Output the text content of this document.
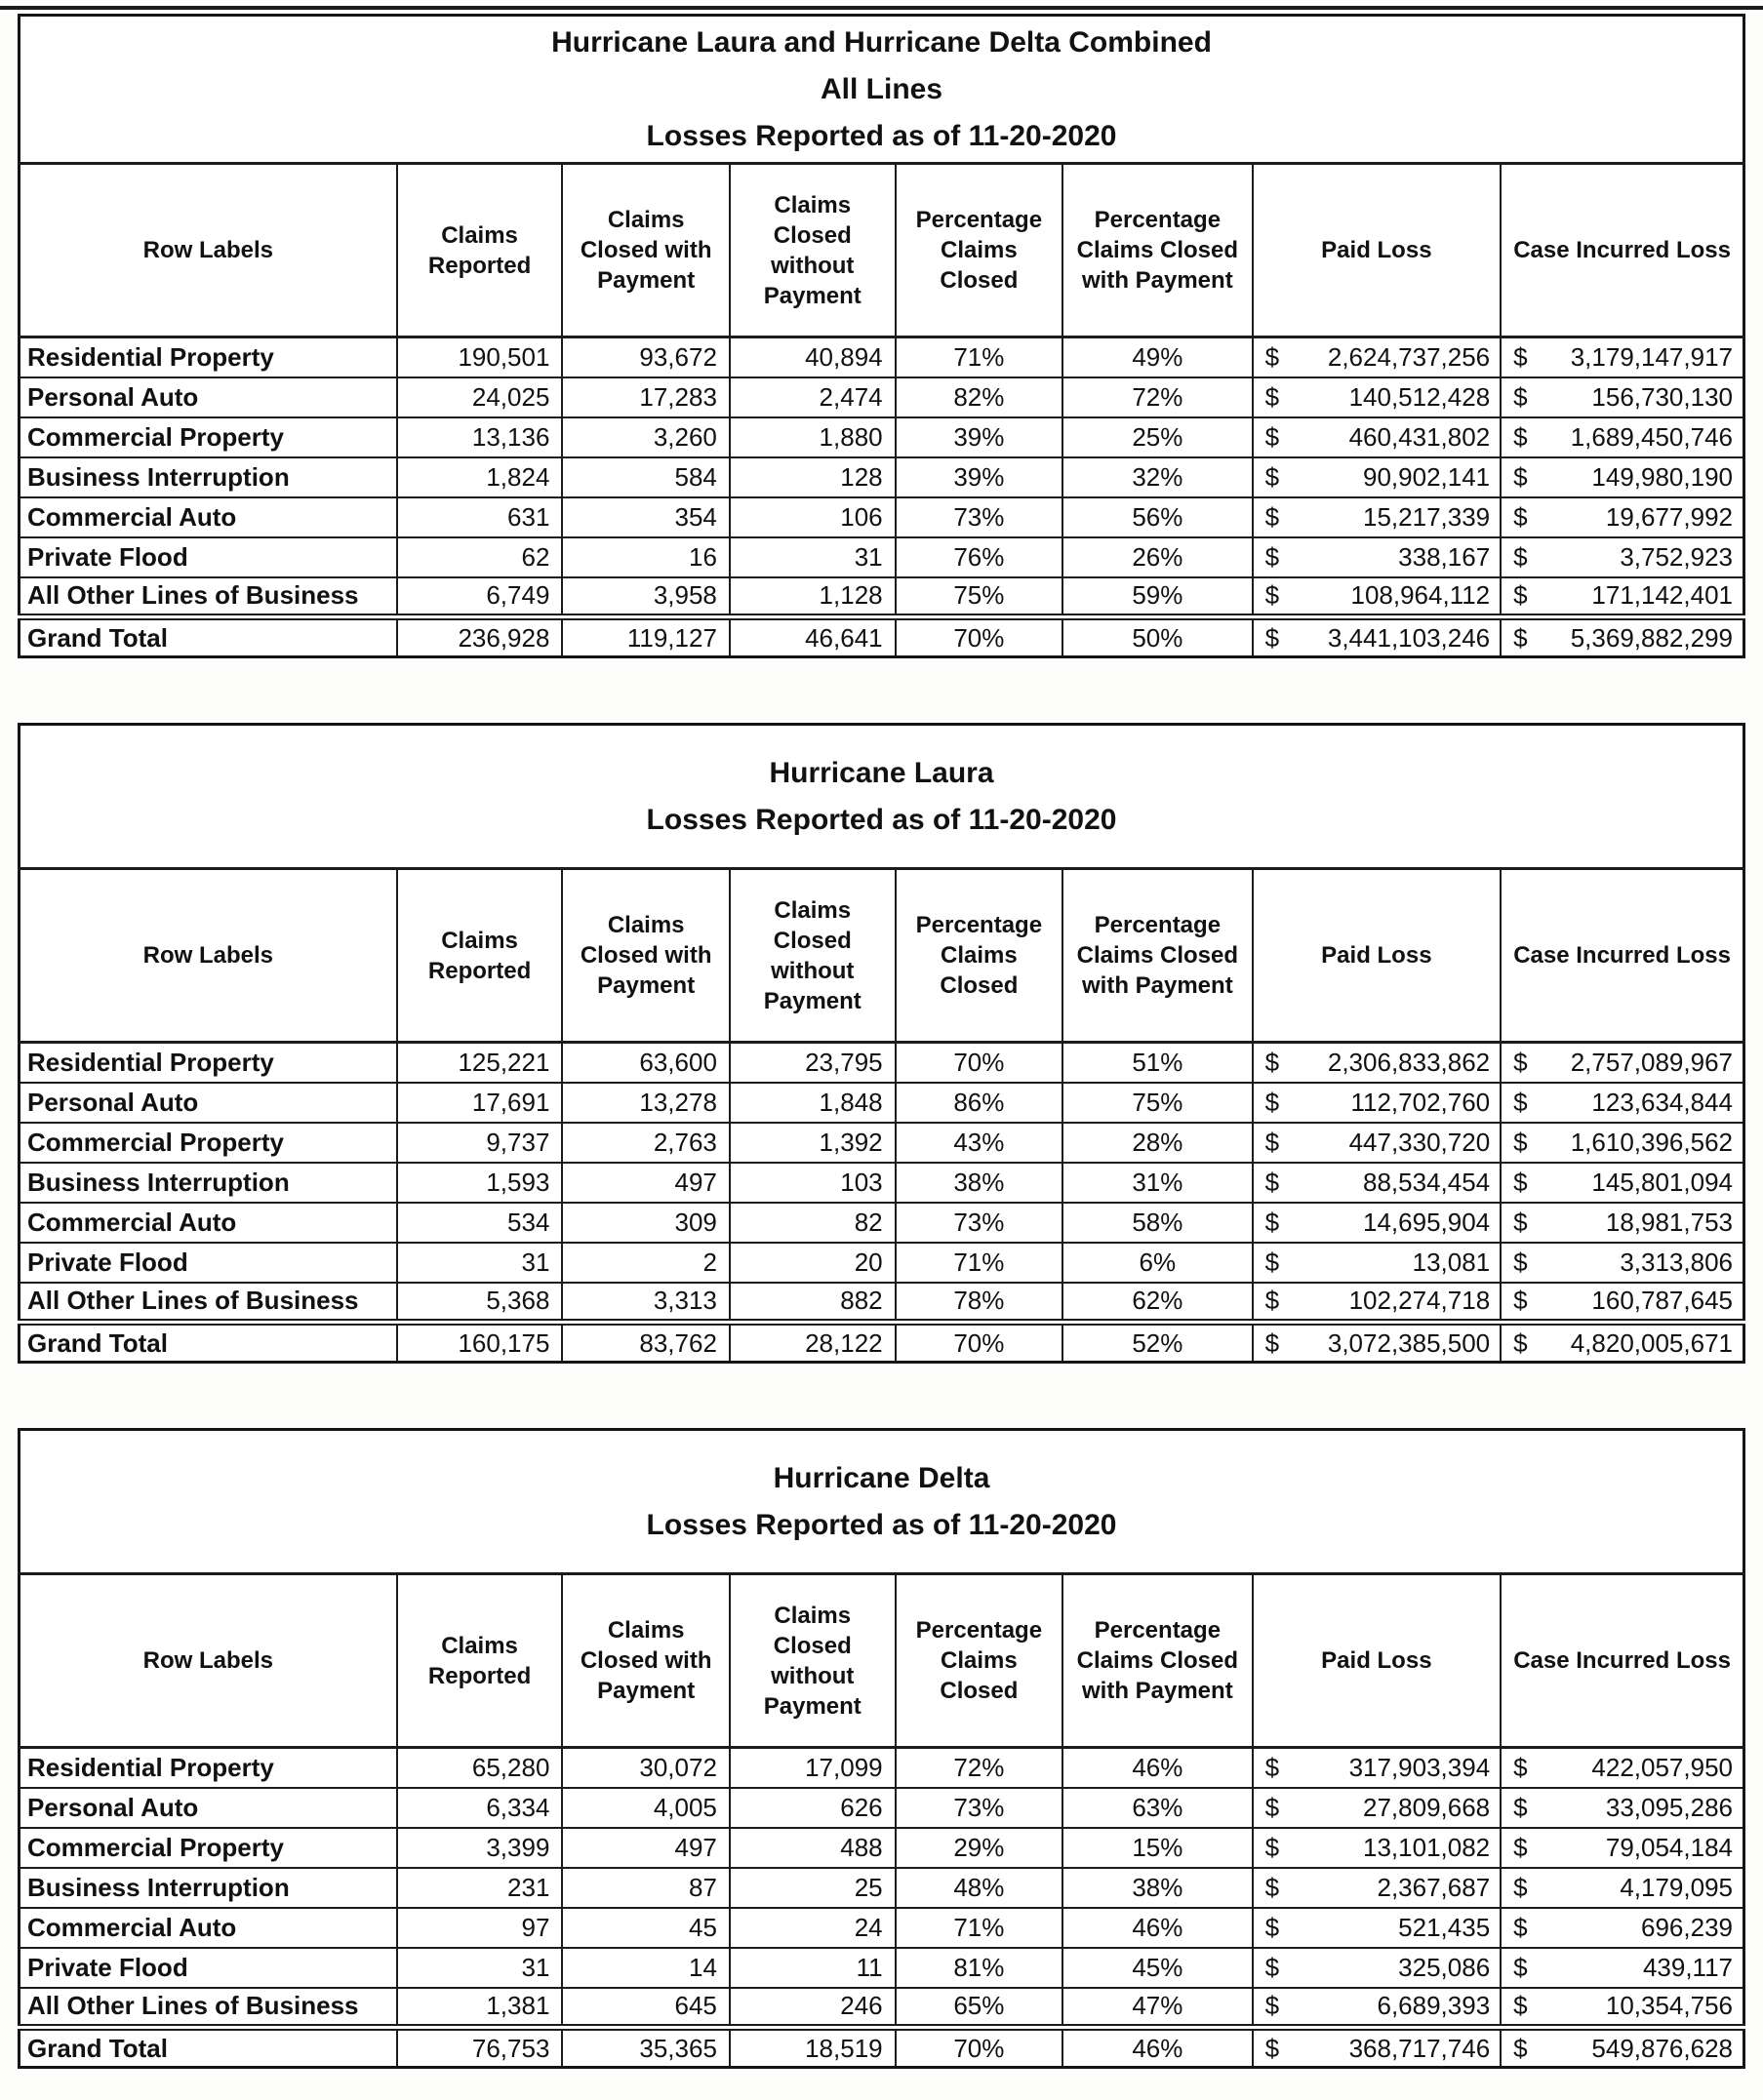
Hurricane Laura and Hurricane Delta Combined
All Lines
Losses Reported as of 11-20-2020							

Row Labels	Claims Reported	Claims Closed with Payment	Claims Closed without Payment	Percentage Claims Closed	Percentage Claims Closed with Payment	Paid Loss	Case Incurred Loss
Residential Property	190,501	93,672	40,894	71%	49%	$ 2,624,737,256	$ 3,179,147,917

Personal Auto	24,025	17,283	2,474	82%	72%	$ 140,512,428	$ 156,730,130

Commercial Property	13,136	3,260	1,880	39%	25%	$ 460,431,802	$ 1,689,450,746

Business Interruption	1,824	584	128	39%	32%	$ 90,902,141	$ 149,980,190

Commercial Auto	631	354	106	73%	56%	$ 15,217,339	$ 19,677,992

Private Flood	62	16	31	76%	26%	$ 338,167	$ 3,752,923

All Other Lines of Business	6,749	3,958	1,128	75%	59%	$ 108,964,112	$ 171,142,401

Grand Total	236,928	119,127	46,641	70%	50%	$ 3,441,103,246	$ 5,369,882,299
Hurricane Laura
Losses Reported as of 11-20-2020							

Row Labels	Claims Reported	Claims Closed with Payment	Claims Closed without Payment	Percentage Claims Closed	Percentage Claims Closed with Payment	Paid Loss	Case Incurred Loss
Residential Property	125,221	63,600	23,795	70%	51%	$ 2,306,833,862	$ 2,757,089,967

Personal Auto	17,691	13,278	1,848	86%	75%	$ 112,702,760	$ 123,634,844

Commercial Property	9,737	2,763	1,392	43%	28%	$ 447,330,720	$ 1,610,396,562

Business Interruption	1,593	497	103	38%	31%	$ 88,534,454	$ 145,801,094

Commercial Auto	534	309	82	73%	58%	$ 14,695,904	$ 18,981,753

Private Flood	31	2	20	71%	6%	$ 13,081	$ 3,313,806

All Other Lines of Business	5,368	3,313	882	78%	62%	$ 102,274,718	$ 160,787,645

Grand Total	160,175	83,762	28,122	70%	52%	$ 3,072,385,500	$ 4,820,005,671
Hurricane Delta
Losses Reported as of 11-20-2020							

Row Labels	Claims Reported	Claims Closed with Payment	Claims Closed without Payment	Percentage Claims Closed	Percentage Claims Closed with Payment	Paid Loss	Case Incurred Loss
Residential Property	65,280	30,072	17,099	72%	46%	$ 317,903,394	$ 422,057,950

Personal Auto	6,334	4,005	626	73%	63%	$ 27,809,668	$ 33,095,286

Commercial Property	3,399	497	488	29%	15%	$ 13,101,082	$ 79,054,184

Business Interruption	231	87	25	48%	38%	$ 2,367,687	$ 4,179,095

Commercial Auto	97	45	24	71%	46%	$ 521,435	$ 696,239

Private Flood	31	14	11	81%	45%	$ 325,086	$ 439,117

All Other Lines of Business	1,381	645	246	65%	47%	$ 6,689,393	$ 10,354,756

Grand Total	76,753	35,365	18,519	70%	46%	$ 368,717,746	$ 549,876,628
